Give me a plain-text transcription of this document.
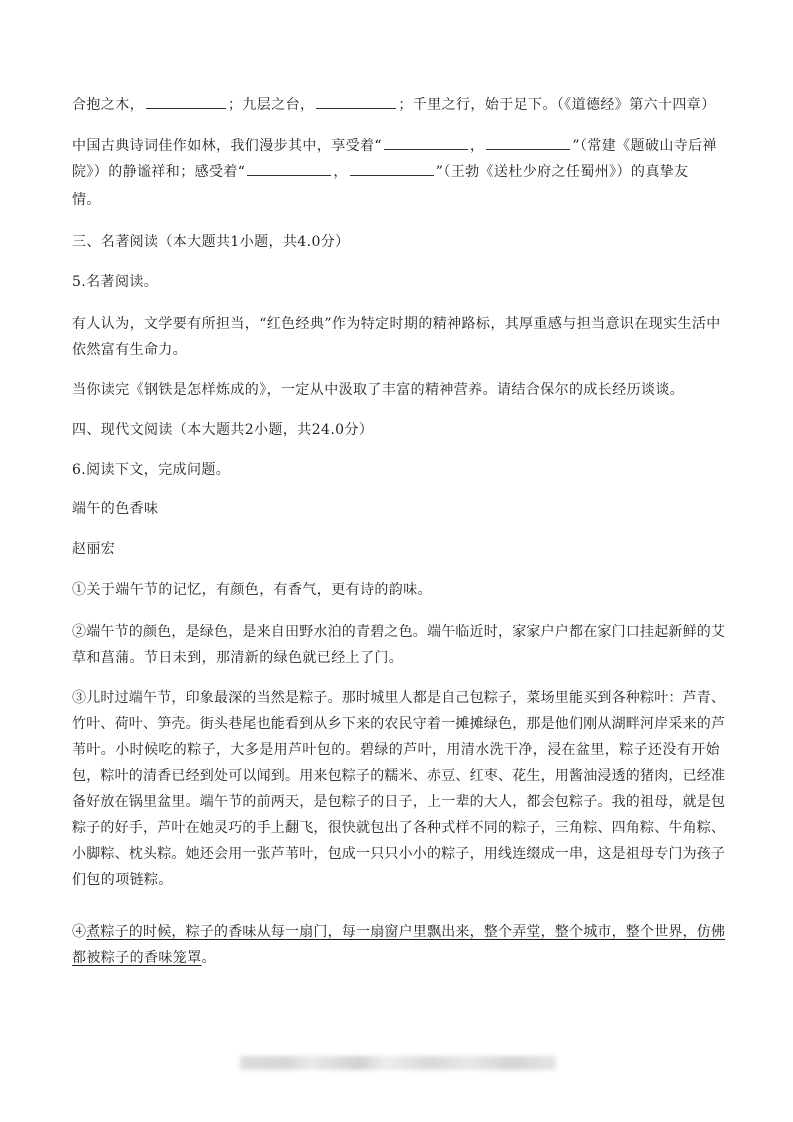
合抱之木，	；九层之台，	；千里之行，始于足下。（《道德经》第六十四章）

中国古典诗词佳作如林，我们漫步其中，享受着“	，	”（常建《题破山寺后禅

院》）的静谧祥和；感受着“	，	”（王勃《送杜少府之任蜀州》）的真挚友

情。

三、名著阅读（本大题共1小题，共4.0分）

5.名著阅读。

有人认为，文学要有所担当，“红色经典”作为特定时期的精神路标，其厚重感与担当意识在现实生活中

依然富有生命力。

当你读完《钢铁是怎样炼成的》，一定从中汲取了丰富的精神营养。请结合保尔的成长经历谈谈。

四、现代文阅读（本大题共2小题，共24.0分）

6.阅读下文，完成问题。

端午的色香味

赵丽宏

①关于端午节的记忆，有颜色，有香气，更有诗的韵味。

②端午节的颜色，是绿色，是来自田野水泊的青碧之色。端午临近时，家家户户都在家门口挂起新鲜的艾

草和菖蒲。节日未到，那清新的绿色就已经上了门。

③儿时过端午节，印象最深的当然是粽子。那时城里人都是自己包粽子，菜场里能买到各种粽叶：芦青、

竹叶、荷叶、笋壳。街头巷尾也能看到从乡下来的农民守着一摊摊绿色，那是他们刚从湖畔河岸采来的芦

苇叶。小时候吃的粽子，大多是用芦叶包的。碧绿的芦叶，用清水洗干净，浸在盆里，粽子还没有开始

包，粽叶的清香已经到处可以闻到。用来包粽子的糯米、赤豆、红枣、花生，用酱油浸透的猪肉，已经准

备好放在锅里盆里。端午节的前两天，是包粽子的日子，上一辈的大人，都会包粽子。我的祖母，就是包

粽子的好手，芦叶在她灵巧的手上翻飞，很快就包出了各种式样不同的粽子，三角粽、四角粽、牛角粽、

小脚粽、枕头粽。她还会用一张芦苇叶，包成一只只小小的粽子，用线连缀成一串，这是祖母专门为孩子

们包的项链粽。

④煮粽子的时候，粽子的香味从每一扇门，每一扇窗户里飘出来，整个弄堂，整个城市，整个世界，仿佛

都被粽子的香味笼罩。
